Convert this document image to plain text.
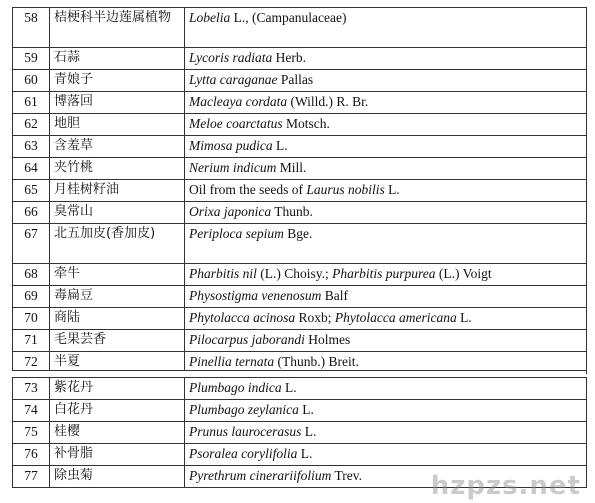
58	桔梗科半边莲属植物	Lobelia L., (Campanulaceae)
59	石蒜	Lycoris radiata Herb.
60	青娘子	Lytta caraganae Pallas
61	博落回	Macleaya cordata (Willd.) R. Br.
62	地胆	Meloe coarctatus Motsch.
63	含羞草	Mimosa pudica L.
64	夹竹桃	Nerium indicum Mill.
65	月桂树籽油	Oil from the seeds of Laurus nobilis L.
66	臭常山	Orixa japonica Thunb.
67	北五加皮(香加皮)	Periploca sepium Bge.
68	牵牛	Pharbitis nil (L.) Choisy.; Pharbitis purpurea (L.) Voigt
69	毒扁豆	Physostigma venenosum Balf
70	商陆	Phytolacca acinosa Roxb; Phytolacca americana L.
71	毛果芸香	Pilocarpus jaborandi Holmes
72	半夏	Pinellia ternata (Thunb.) Breit.
73	紫花丹	Plumbago indica L.
74	白花丹	Plumbago zeylanica L.
75	桂樱	Prunus laurocerasus L.
76	补骨脂	Psoralea corylifolia L.
77	除虫菊	Pyrethrum cinerariifolium Trev.	hzpzs.net
